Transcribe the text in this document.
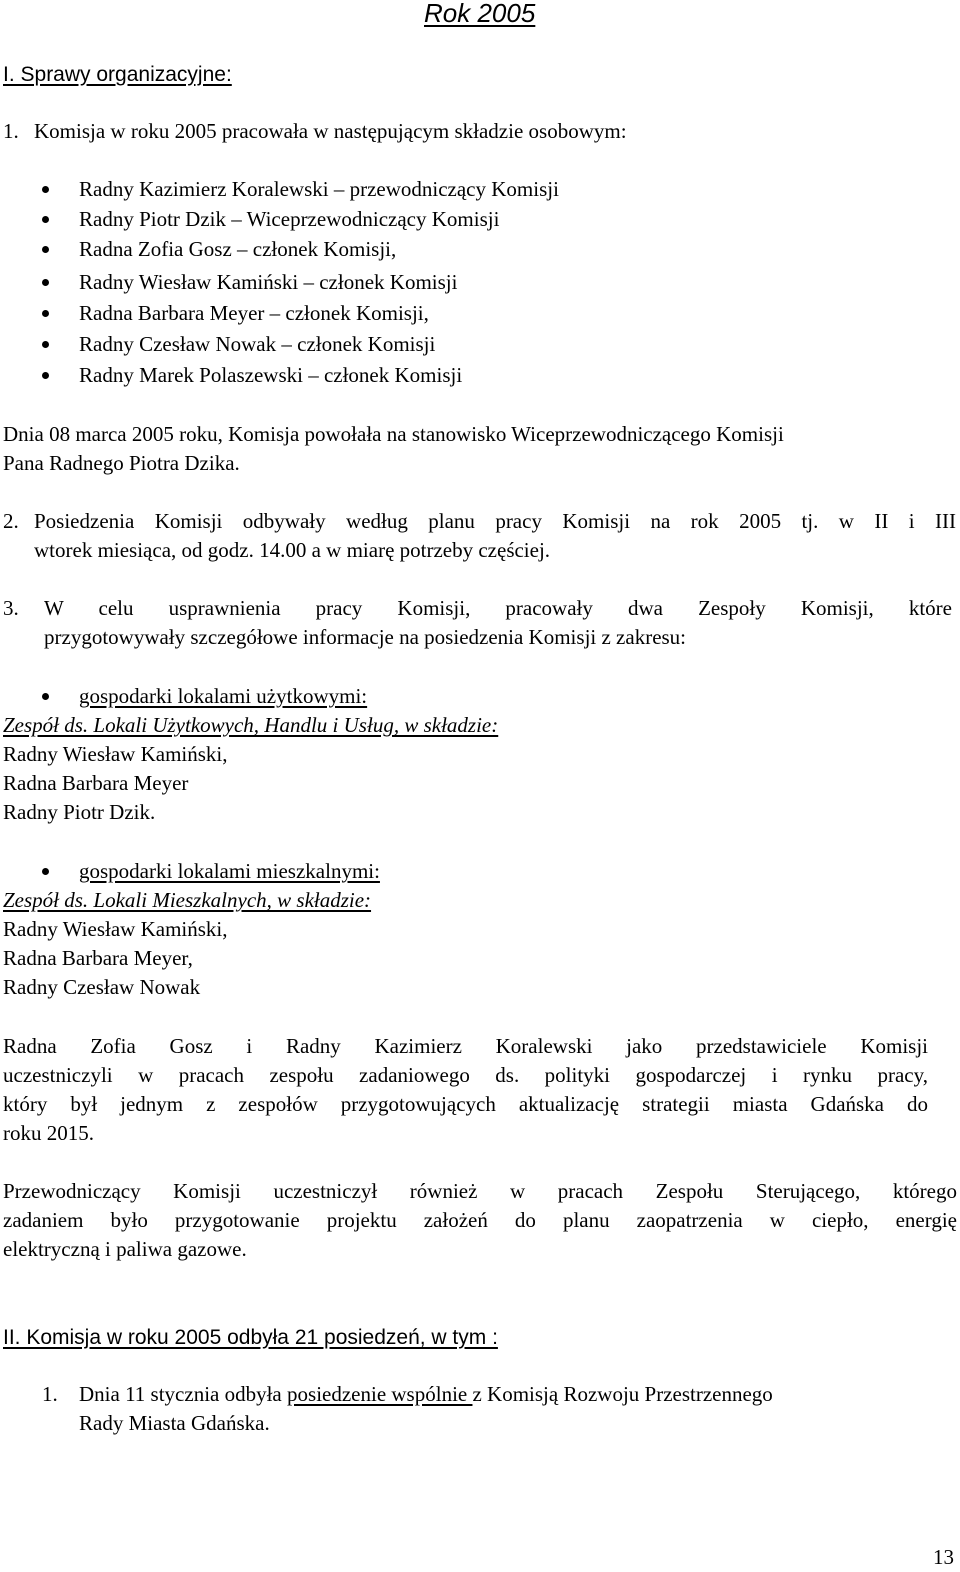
Rok 2005
I. Sprawy organizacyjne:
1. Komisja w roku 2005 pracowała w następującym składzie osobowym:
Radny Kazimierz Koralewski – przewodniczący Komisji
Radny Piotr Dzik – Wiceprzewodniczący Komisji
Radna Zofia Gosz – członek Komisji,
Radny Wiesław Kamiński – członek Komisji
Radna Barbara Meyer – członek Komisji,
Radny Czesław Nowak – członek Komisji
Radny Marek Polaszewski – członek Komisji
Dnia 08 marca 2005 roku, Komisja powołała na stanowisko Wiceprzewodniczącego Komisji
Pana Radnego Piotra Dzika.
2. Posiedzenia Komisji odbywały według planu pracy Komisji na rok 2005 tj. w II i III
wtorek miesiąca, od godz. 14.00 a w miarę potrzeby częściej.
3. W celu usprawnienia pracy Komisji, pracowały dwa Zespoły Komisji, które
przygotowywały szczegółowe informacje na posiedzenia Komisji z zakresu:
gospodarki lokalami użytkowymi:
Zespół ds. Lokali Użytkowych, Handlu i Usług, w składzie:
Radny Wiesław Kamiński,
Radna Barbara Meyer
Radny Piotr Dzik.
gospodarki lokalami mieszkalnymi:
Zespół ds. Lokali Mieszkalnych, w składzie:
Radny Wiesław Kamiński,
Radna Barbara Meyer,
Radny Czesław Nowak
Radna Zofia Gosz i Radny Kazimierz Koralewski jako przedstawiciele Komisji
uczestniczyli w pracach zespołu zadaniowego ds. polityki gospodarczej i rynku pracy,
który był jednym z zespołów przygotowujących aktualizację strategii miasta Gdańska do
roku 2015.
Przewodniczący Komisji uczestniczył również w pracach Zespołu Sterującego, którego
zadaniem było przygotowanie projektu założeń do planu zaopatrzenia w ciepło, energię
elektryczną i paliwa gazowe.
II. Komisja w roku 2005 odbyła 21 posiedzeń, w tym :
1. Dnia 11 stycznia odbyła posiedzenie wspólnie z Komisją Rozwoju Przestrzennego
Rady Miasta Gdańska.
13
